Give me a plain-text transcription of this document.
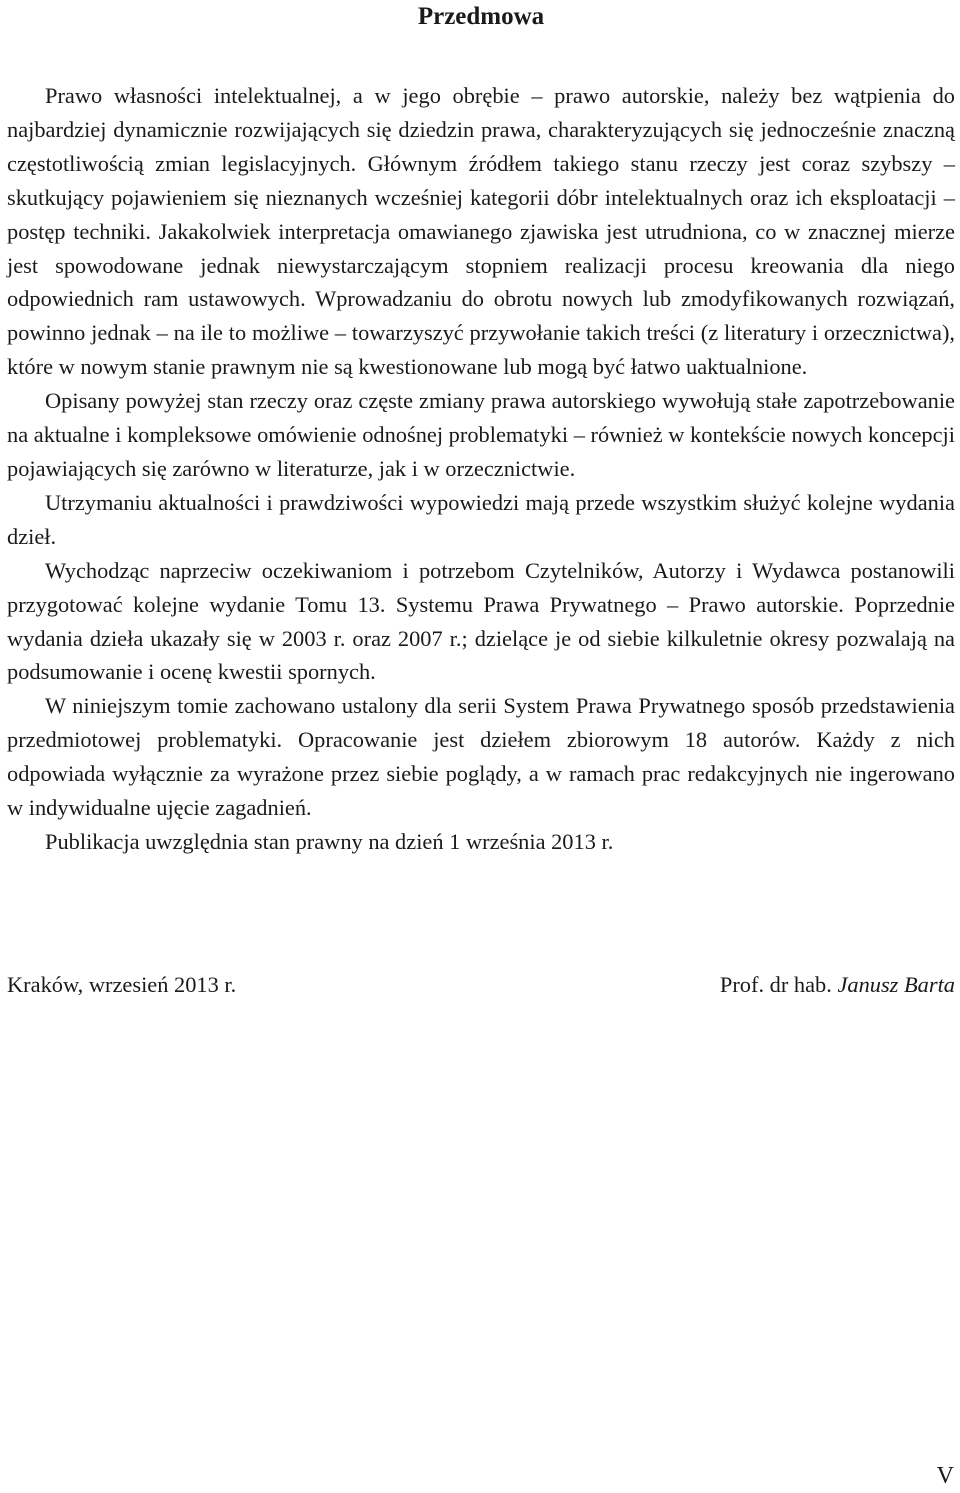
Przedmowa

Prawo własności intelektualnej, a w jego obrębie – prawo autorskie, należy bez wątpienia do najbardziej dynamicznie rozwijających się dziedzin prawa, charakteryzujących się jednocześnie znaczną częstotliwością zmian legislacyjnych. Głównym źródłem takiego stanu rzeczy jest coraz szybszy – skutkujący pojawieniem się nieznanych wcześniej kategorii dóbr intelektualnych oraz ich eksploatacji – postęp techniki. Jakakolwiek interpretacja omawianego zjawiska jest utrudniona, co w znacznej mierze jest spowodowane jednak niewystarczającym stopniem realizacji procesu kreowania dla niego odpowiednich ram ustawowych. Wprowadzaniu do obrotu nowych lub zmodyfikowanych rozwiązań, powinno jednak – na ile to możliwe – towarzyszyć przywołanie takich treści (z literatury i orzecznictwa), które w nowym stanie prawnym nie są kwestionowane lub mogą być łatwo uaktualnione.

Opisany powyżej stan rzeczy oraz częste zmiany prawa autorskiego wywołują stałe zapotrzebowanie na aktualne i kompleksowe omówienie odnośnej problematyki – również w kontekście nowych koncepcji pojawiających się zarówno w literaturze, jak i w orzecznictwie.

Utrzymaniu aktualności i prawdziwości wypowiedzi mają przede wszystkim służyć kolejne wydania dzieł.

Wychodząc naprzeciw oczekiwaniom i potrzebom Czytelników, Autorzy i Wydawca postanowili przygotować kolejne wydanie Tomu 13. Systemu Prawa Prywatnego – Prawo autorskie. Poprzednie wydania dzieła ukazały się w 2003 r. oraz 2007 r.; dzielące je od siebie kilkuletnie okresy pozwalają na podsumowanie i ocenę kwestii spornych.

W niniejszym tomie zachowano ustalony dla serii System Prawa Prywatnego sposób przedstawienia przedmiotowej problematyki. Opracowanie jest dziełem zbiorowym 18 autorów. Każdy z nich odpowiada wyłącznie za wyrażone przez siebie poglądy, a w ramach prac redakcyjnych nie ingerowano w indywidualne ujęcie zagadnień.

Publikacja uwzględnia stan prawny na dzień 1 września 2013 r.

Kraków, wrzesień 2013 r.	Prof. dr hab. Janusz Barta
V
